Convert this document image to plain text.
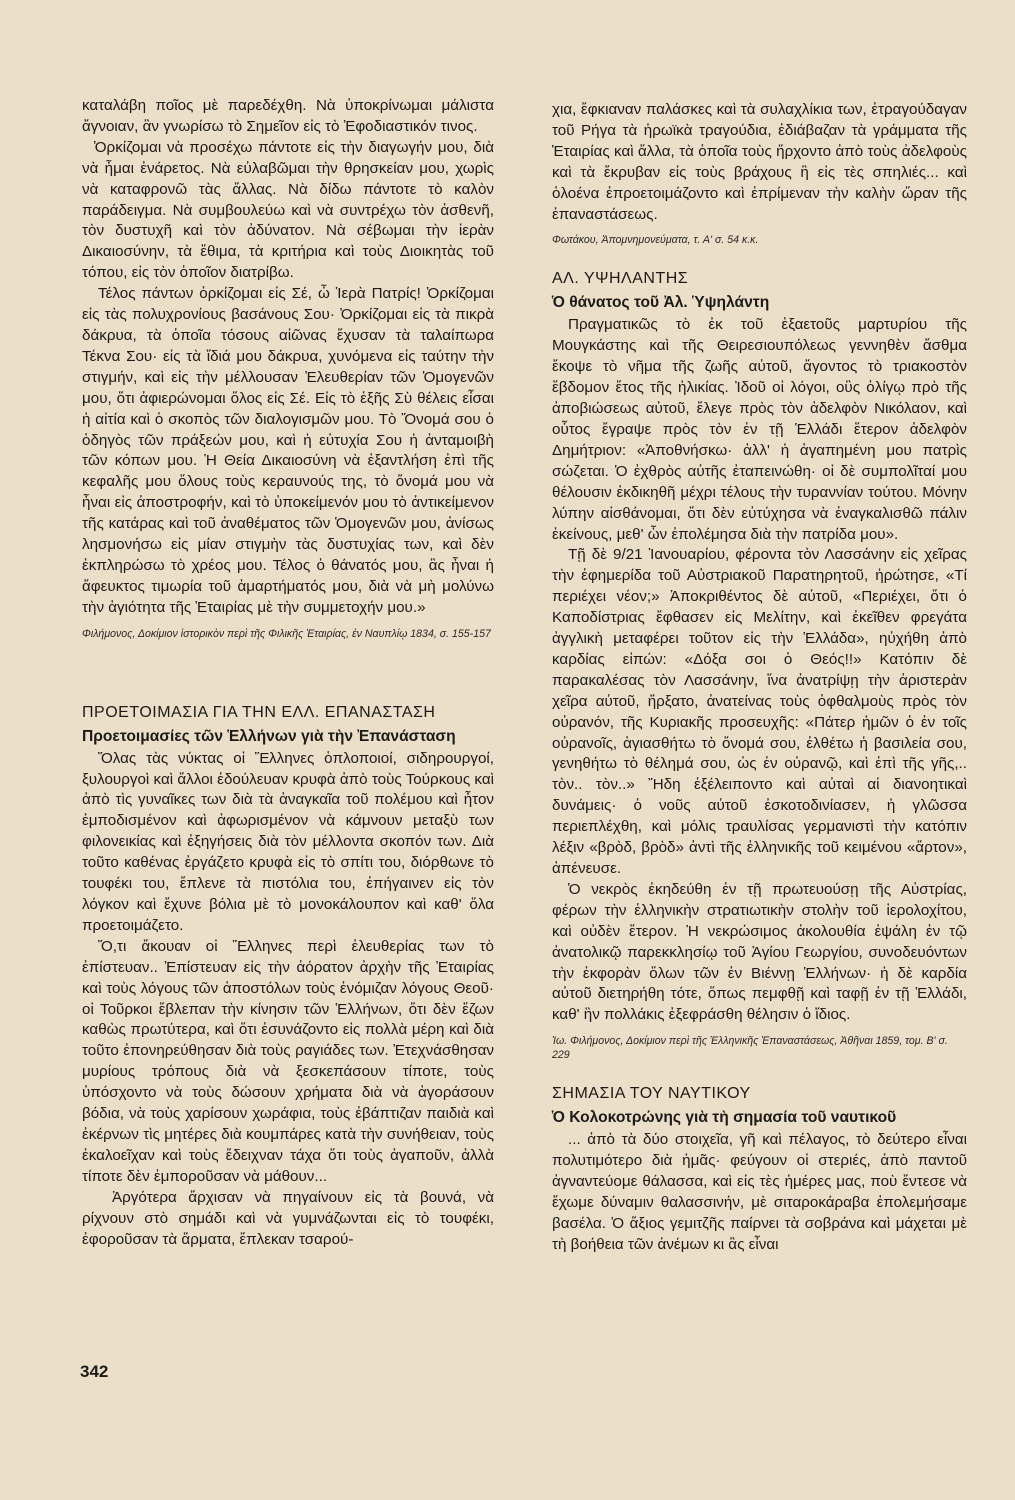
καταλάβη ποῖος μὲ παρεδέχθη. Νὰ ὑποκρίνωμαι μάλιστα ἄγνοιαν, ἂν γνωρίσω τὸ Σημεῖον εἰς τὸ Ἐφοδιαστικόν τινος.

Ὁρκίζομαι νὰ προσέχω πάντοτε εἰς τὴν διαγωγήν μου, διὰ νὰ ἦμαι ἐνάρετος. Νὰ εὐλαβῶμαι τὴν θρησκείαν μου, χωρὶς νὰ καταφρονῶ τὰς ἄλλας. Νὰ δίδω πάντοτε τὸ καλὸν παράδειγμα. Νὰ συμβουλεύω καὶ νὰ συντρέχω τὸν ἀσθενῆ, τὸν δυστυχῆ καὶ τὸν ἀδύνατον. Νὰ σέβωμαι τὴν ἱερὰν Δικαιοσύνην, τὰ ἔθιμα, τὰ κριτήρια καὶ τοὺς Διοικητὰς τοῦ τόπου, εἰς τὸν ὁποῖον διατρίβω.

Τέλος πάντων ὀρκίζομαι εἰς Σέ, ὦ Ἱερὰ Πατρίς! Ὀρκίζομαι εἰς τὰς πολυχρονίους βασάνους Σου· Ὀρκίζομαι εἰς τὰ πικρὰ δάκρυα, τὰ ὁποῖα τόσους αἰῶνας ἔχυσαν τὰ ταλαίπωρα Τέκνα Σου· εἰς τὰ ἴδιά μου δάκρυα, χυνόμενα εἰς ταύτην τὴν στιγμήν, καὶ εἰς τὴν μέλλουσαν Ἐλευθερίαν τῶν Ὁμογενῶν μου, ὅτι ἀφιερώνομαι ὅλος εἰς Σέ. Εἰς τὸ ἑξῆς Σὺ θέλεις εἶσαι ἡ αἰτία καὶ ὁ σκοπὸς τῶν διαλογισμῶν μου. Τὸ Ὄνομά σου ὁ ὁδηγὸς τῶν πράξεών μου, καὶ ἡ εὐτυχία Σου ἡ ἀνταμοιβὴ τῶν κόπων μου. Ἡ Θεία Δικαιοσύνη νὰ ἐξαντλήση ἐπὶ τῆς κεφαλῆς μου ὅλους τοὺς κεραυνούς της, τὸ ὄνομά μου νὰ ἦναι εἰς ἀποστροφήν, καὶ τὸ ὑποκείμενόν μου τὸ ἀντικείμενον τῆς κατάρας καὶ τοῦ ἀναθέματος τῶν Ὁμογενῶν μου, ἀνίσως λησμονήσω εἰς μίαν στιγμὴν τὰς δυστυχίας των, καὶ δὲν ἐκπληρώσω τὸ χρέος μου. Τέλος ὁ θάνατός μου, ἂς ἦναι ἡ ἄφευκτος τιμωρία τοῦ ἁμαρτήματός μου, διὰ νὰ μὴ μολύνω τὴν ἁγιότητα τῆς Ἑταιρίας μὲ τὴν συμμετοχήν μου.»

Φιλήμονος, Δοκίμιον ἱστορικὸν περὶ τῆς Φιλικῆς Ἑταιρίας, ἐν Ναυπλίῳ 1834, σ. 155-157
ΠΡΟΕΤΟΙΜΑΣΙΑ ΓΙΑ ΤΗΝ ΕΛΛ. ΕΠΑΝΑΣΤΑΣΗ
Προετοιμασίες τῶν Ἑλλήνων γιὰ τὴν Ἐπανάσταση

Ὅλας τὰς νύκτας οἱ Ἕλληνες ὁπλοποιοί, σιδηρουργοί, ξυλουργοὶ καὶ ἄλλοι ἐδούλευαν κρυφὰ ἀπὸ τοὺς Τούρκους καὶ ἀπὸ τὶς γυναῖκες των διὰ τὰ ἀναγκαῖα τοῦ πολέμου καὶ ἦτον ἐμποδισμένον καὶ ἀφωρισμένον νὰ κάμνουν μεταξὺ των φιλονεικίας καὶ ἐξηγήσεις διὰ τὸν μέλλοντα σκοπόν των. Διὰ τοῦτο καθένας ἐργάζετο κρυφὰ εἰς τὸ σπίτι του, διόρθωνε τὸ τουφέκι του, ἔπλενε τὰ πιστόλια του, ἐπήγαινεν εἰς τὸν λόγκον καὶ ἔχυνε βόλια μὲ τὸ μονοκάλουπον καὶ καθ' ὅλα προετοιμάζετο.

Ὅ,τι ἄκουαν οἱ Ἕλληνες περὶ ἐλευθερίας των τὸ ἐπίστευαν.. Ἐπίστευαν εἰς τὴν ἀόρατον ἀρχὴν τῆς Ἑταιρίας καὶ τοὺς λόγους τῶν ἀποστόλων τοὺς ἐνόμιζαν λόγους Θεοῦ· οἱ Τοῦρκοι ἔβλεπαν τὴν κίνησιν τῶν Ἑλλήνων, ὅτι δὲν ἔζων καθὼς πρωτύτερα, καὶ ὅτι ἐσυνάζοντο εἰς πολλὰ μέρη καὶ διὰ τοῦτο ἐπονηρεύθησαν διὰ τοὺς ραγιάδες των. Ἐτεχνάσθησαν μυρίους τρόπους διὰ νὰ ξεσκεπάσουν τίποτε, τοὺς ὑπόσχοντο νὰ τοὺς δώσουν χρήματα διὰ νὰ ἀγοράσουν βόδια, νὰ τοὺς χαρίσουν χωράφια, τοὺς ἐβάπτιζαν παιδιὰ καὶ ἐκέρνων τὶς μητέρες διὰ κουμπάρες κατὰ τὴν συνήθειαν, τοὺς ἐκαλοεῖχαν καὶ τοὺς ἔδειχναν τάχα ὅτι τοὺς ἀγαποῦν, ἀλλὰ τίποτε δὲν ἐμποροῦσαν νὰ μάθουν...

Ἀργότερα ἄρχισαν νὰ πηγαίνουν εἰς τὰ βουνά, νὰ ρίχνουν στὸ σημάδι καὶ νὰ γυμνάζωνται εἰς τὸ τουφέκι, ἐφοροῦσαν τὰ ἄρματα, ἔπλεκαν τσαρού-

χια, ἔφκιαναν παλάσκες καὶ τὰ συλαχλίκια των, ἐτραγούδαγαν τοῦ Ρήγα τὰ ἡρωϊκὰ τραγούδια, ἐδιάβαζαν τὰ γράμματα τῆς Ἑταιρίας καὶ ἄλλα, τὰ ὁποῖα τοὺς ἤρχοντο ἀπὸ τοὺς ἀδελφοὺς καὶ τὰ ἔκρυβαν εἰς τοὺς βράχους ἢ εἰς τὲς σπηλιές... καὶ ὁλοένα ἐπροετοιμάζοντο καὶ ἐπρίμεναν τὴν καλὴν ὥραν τῆς ἐπαναστάσεως.

Φωτάκου, Ἀπομνημονεύματα, τ. Α' σ. 54 κ.κ.
ΑΛ. ΥΨΗΛΑΝΤΗΣ
Ὁ θάνατος τοῦ Ἀλ. Ὑψηλάντη

Πραγματικῶς τὸ ἐκ τοῦ ἑξαετοῦς μαρτυρίου τῆς Μουγκάστης καὶ τῆς Θειρεσιουπόλεως γεννηθὲν ἄσθμα ἔκοψε τὸ νῆμα τῆς ζωῆς αὐτοῦ, ἄγοντος τὸ τριακοστὸν ἕβδομον ἔτος τῆς ἡλικίας. Ἰδοῦ οἱ λόγοι, οὓς ὀλίγῳ πρὸ τῆς ἀποβιώσεως αὐτοῦ, ἔλεγε πρὸς τὸν ἀδελφὸν Νικόλαον, καὶ οὗτος ἔγραψε πρὸς τὸν ἐν τῇ Ἑλλάδι ἕτερον ἀδελφὸν Δημήτριον: «Ἀποθνήσκω· ἀλλ' ἡ ἀγαπημένη μου πατρὶς σώζεται. Ὁ ἐχθρὸς αὐτῆς ἐταπεινώθη· οἱ δὲ συμπολῖταί μου θέλουσιν ἐκδικηθῆ μέχρι τέλους τὴν τυραννίαν τούτου. Μόνην λύπην αἰσθάνομαι, ὅτι δὲν εὐτύχησα νὰ ἐναγκαλισθῶ πάλιν ἐκείνους, μεθ' ὧν ἐπολέμησα διὰ τὴν πατρίδα μου».

Τῇ δὲ 9/21 Ἰανουαρίου, φέροντα τὸν Λασσάνην εἰς χεῖρας τὴν ἐφημερίδα τοῦ Αὐστριακοῦ Παρατηρητοῦ, ἠρώτησε, «Τί περιέχει νέον;» Ἀποκριθέντος δὲ αὐτοῦ, «Περιέχει, ὅτι ὁ Καποδίστριας ἔφθασεν εἰς Μελίτην, καὶ ἐκεῖθεν φρεγάτα ἀγγλικὴ μεταφέρει τοῦτον εἰς τὴν Ἑλλάδα», ηὐχήθη ἀπὸ καρδίας εἰπών: «Δόξα σοι ὁ Θεός!!» Κατόπιν δὲ παρακαλέσας τὸν Λασσάνην, ἵνα ἀνατρίψῃ τὴν ἀριστερὰν χεῖρα αὐτοῦ, ἤρξατο, ἀνατείνας τοὺς ὀφθαλμοὺς πρὸς τὸν οὐρανόν, τῆς Κυριακῆς προσευχῆς: «Πάτερ ἡμῶν ὁ ἐν τοῖς οὐρανοῖς, ἁγιασθήτω τὸ ὄνομά σου, ἐλθέτω ἡ βασιλεία σου, γενηθήτω τὸ θέλημά σου, ὡς ἐν οὐρανῷ, καὶ ἐπὶ τῆς γῆς,.. τὸν.. τὸν..» Ἤδη ἐξέλειποντο καὶ αὐταὶ αἱ διανοητικαὶ δυνάμεις· ὁ νοῦς αὐτοῦ ἐσκοτοδινίασεν, ἡ γλῶσσα περιεπλέχθη, καὶ μόλις τραυλίσας γερμανιστὶ τὴν κατόπιν λέξιν «βρὸδ, βρὸδ» ἀντὶ τῆς ἑλληνικῆς τοῦ κειμένου «ἄρτον», ἀπένευσε.

Ὁ νεκρὸς ἐκηδεύθη ἐν τῇ πρωτευούσῃ τῆς Αὐστρίας, φέρων τὴν ἑλληνικὴν στρατιωτικὴν στολὴν τοῦ ἱερολοχίτου, καὶ οὐδὲν ἕτερον. Ἡ νεκρώσιμος ἀκολουθία ἐψάλη ἐν τῷ ἀνατολικῷ παρεκκλησίῳ τοῦ Ἁγίου Γεωργίου, συνοδευόντων τὴν ἐκφορὰν ὅλων τῶν ἐν Βιέννῃ Ἑλλήνων· ἡ δὲ καρδία αὐτοῦ διετηρήθη τότε, ὅπως πεμφθῇ καὶ ταφῇ ἐν τῇ Ἑλλάδι, καθ' ἣν πολλάκις ἐξεφράσθη θέλησιν ὁ ἴδιος.

Ἰω. Φιλήμονος, Δοκίμιον περὶ τῆς Ἑλληνικῆς Ἐπαναστάσεως, Ἀθῆναι 1859, τομ. Β' σ. 229
ΣΗΜΑΣΙΑ ΤΟΥ ΝΑΥΤΙΚΟΥ
Ὁ Κολοκοτρώνης γιὰ τὴ σημασία τοῦ ναυτικοῦ

... ἀπὸ τὰ δύο στοιχεῖα, γῆ καὶ πέλαγος, τὸ δεύτερο εἶναι πολυτιμότερο διὰ ἡμᾶς· φεύγουν οἱ στεριές, ἀπὸ παντοῦ ἀγναντεύομε θάλασσα, καὶ εἰς τὲς ἡμέρες μας, ποὺ ἔντεσε νὰ ἔχωμε δύναμιν θαλασσινήν, μὲ σιταροκάραβα ἐπολεμήσαμε βασέλα. Ὁ ἄξιος γεμιτζῆς παίρνει τὰ σοβράνα καὶ μάχεται μὲ τὴ βοήθεια τῶν ἀνέμων κι ἂς εἶναι

342
